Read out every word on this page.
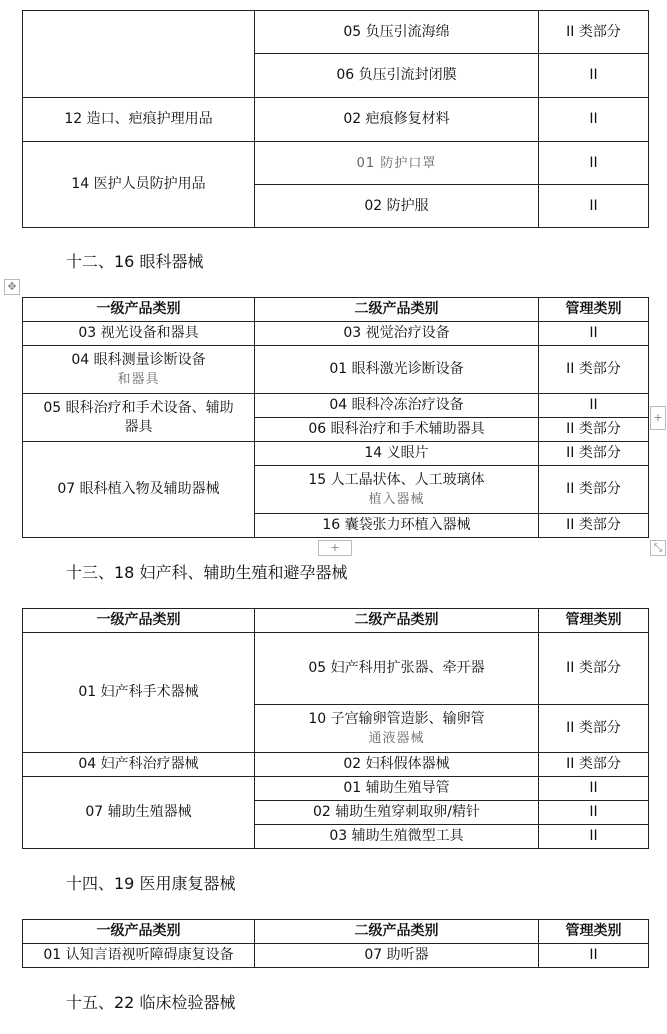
	05 负压引流海绵	II 类部分
	06 负压引流封闭膜	II
12 造口、疤痕护理用品	02 疤痕修复材料	II
14 医护人员防护用品	01 防护口罩	II
	02 防护服	II
十二、16 眼科器械
✥
一级产品类别	二级产品类别	管理类别
03 视光设备和器具	03 视觉治疗设备	II

04 眼科测量诊断设备
和器具	01 眼科激光诊断设备	II 类部分

05 眼科治疗和手术设备、辅助
器具	04 眼科冷冻治疗设备	II
	06 眼科治疗和手术辅助器具	II 类部分
07 眼科植入物及辅助器械	14 义眼片	II 类部分

	15 人工晶状体、人工玻璃体
植入器械	II 类部分
	16 囊袋张力环植入器械	II 类部分
+
+	⤡
十三、18 妇产科、辅助生殖和避孕器械
一级产品类别	二级产品类别	管理类别
01 妇产科手术器械	05 妇产科用扩张器、牵开器	II 类部分

	10 子宫输卵管造影、输卵管
通液器械	II 类部分
04 妇产科治疗器械	02 妇科假体器械	II 类部分
07 辅助生殖器械	01 辅助生殖导管	II
	02 辅助生殖穿刺取卵/精针	II
	03 辅助生殖微型工具	II
十四、19 医用康复器械
一级产品类别	二级产品类别	管理类别
01 认知言语视听障碍康复设备	07 助听器	II
十五、22 临床检验器械
